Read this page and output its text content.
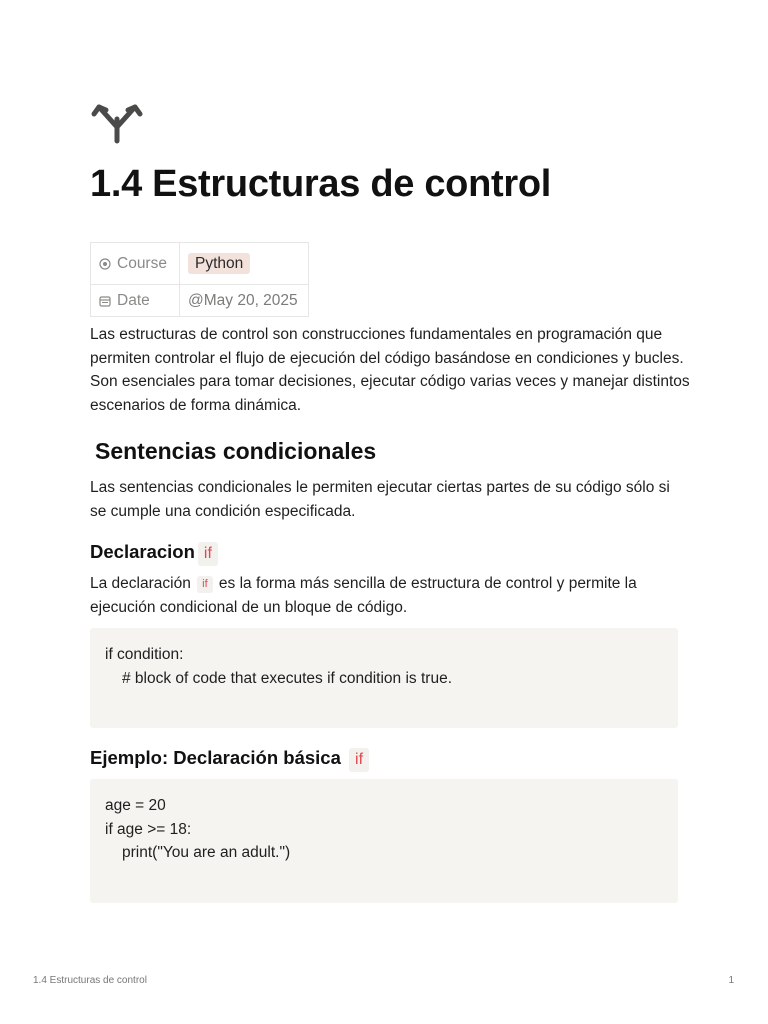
1.4 Estructuras de control
Course	Python
Date	@May 20, 2025

Las estructuras de control son construcciones fundamentales en programación que permiten controlar el flujo de ejecución del código basándose en condiciones y bucles. Son esenciales para tomar decisiones, ejecutar código varias veces y manejar distintos escenarios de forma dinámica.

Sentencias condicionales

Las sentencias condicionales le permiten ejecutar ciertas partes de su código sólo si se cumple una condición especificada.

Declaracion if

La declaración if es la forma más sencilla de estructura de control y permite la ejecución condicional de un bloque de código.

if condition:
# block of code that executes if condition is true.
Ejemplo: Declaración básica if
age = 20
if age >= 18:
print("You are an adult.")
1.4 Estructuras de control	1
